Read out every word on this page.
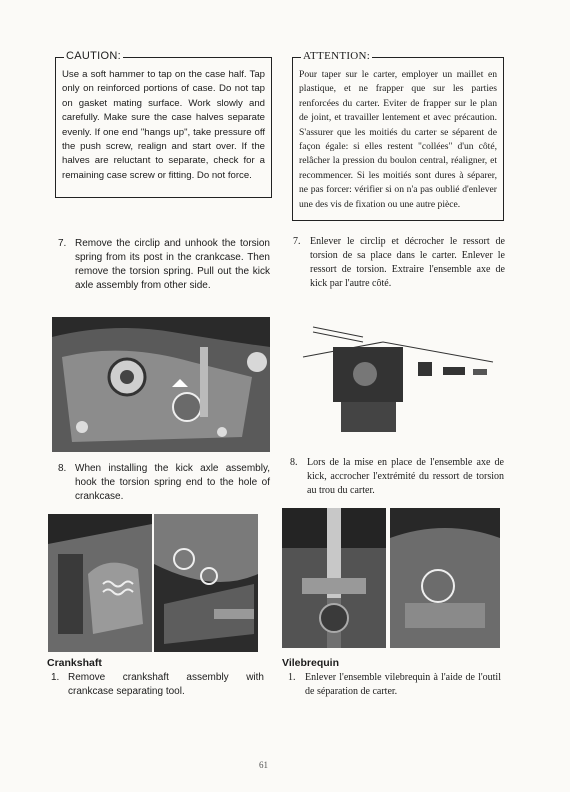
CAUTION:

Use a soft hammer to tap on the case half. Tap only on reinforced portions of case. Do not tap on gasket mating surface. Work slowly and carefully. Make sure the case halves separate evenly. If one end "hangs up", take pressure off the push screw, realign and start over. If the halves are reluctant to separate, check for a remaining case screw or fitting. Do not force.

ATTENTION:

Pour taper sur le carter, employer un maillet en plastique, et ne frapper que sur les parties renforcées du carter. Eviter de frapper sur le plan de joint, et travailler lentement et avec précaution. S'assurer que les moitiés du carter se séparent de façon égale: si elles restent "collées" d'un côté, relâcher la pression du boulon central, réaligner, et recommencer. Si les moitiés sont dures à séparer, ne pas forcer: vérifier si on n'a pas oublié d'enlever une des vis de fixation ou une autre pièce.

7. Remove the circlip and unhook the torsion spring from its post in the crankcase. Then remove the torsion spring. Pull out the kick axle assembly from other side.
7. Enlever le circlip et décrocher le ressort de torsion de sa place dans le carter. Enlever le ressort de torsion. Extraire l'ensemble axe de kick par l'autre côté.
8. When installing the kick axle assembly, hook the torsion spring end to the hole of crankcase.
8. Lors de la mise en place de l'ensemble axe de kick, accrocher l'extrémité du ressort de torsion au trou du carter.
Crankshaft
1. Remove crankshaft assembly with crankcase separating tool.
Vilebrequin
1. Enlever l'ensemble vilebrequin à l'aide de l'outil de séparation de carter.
61
